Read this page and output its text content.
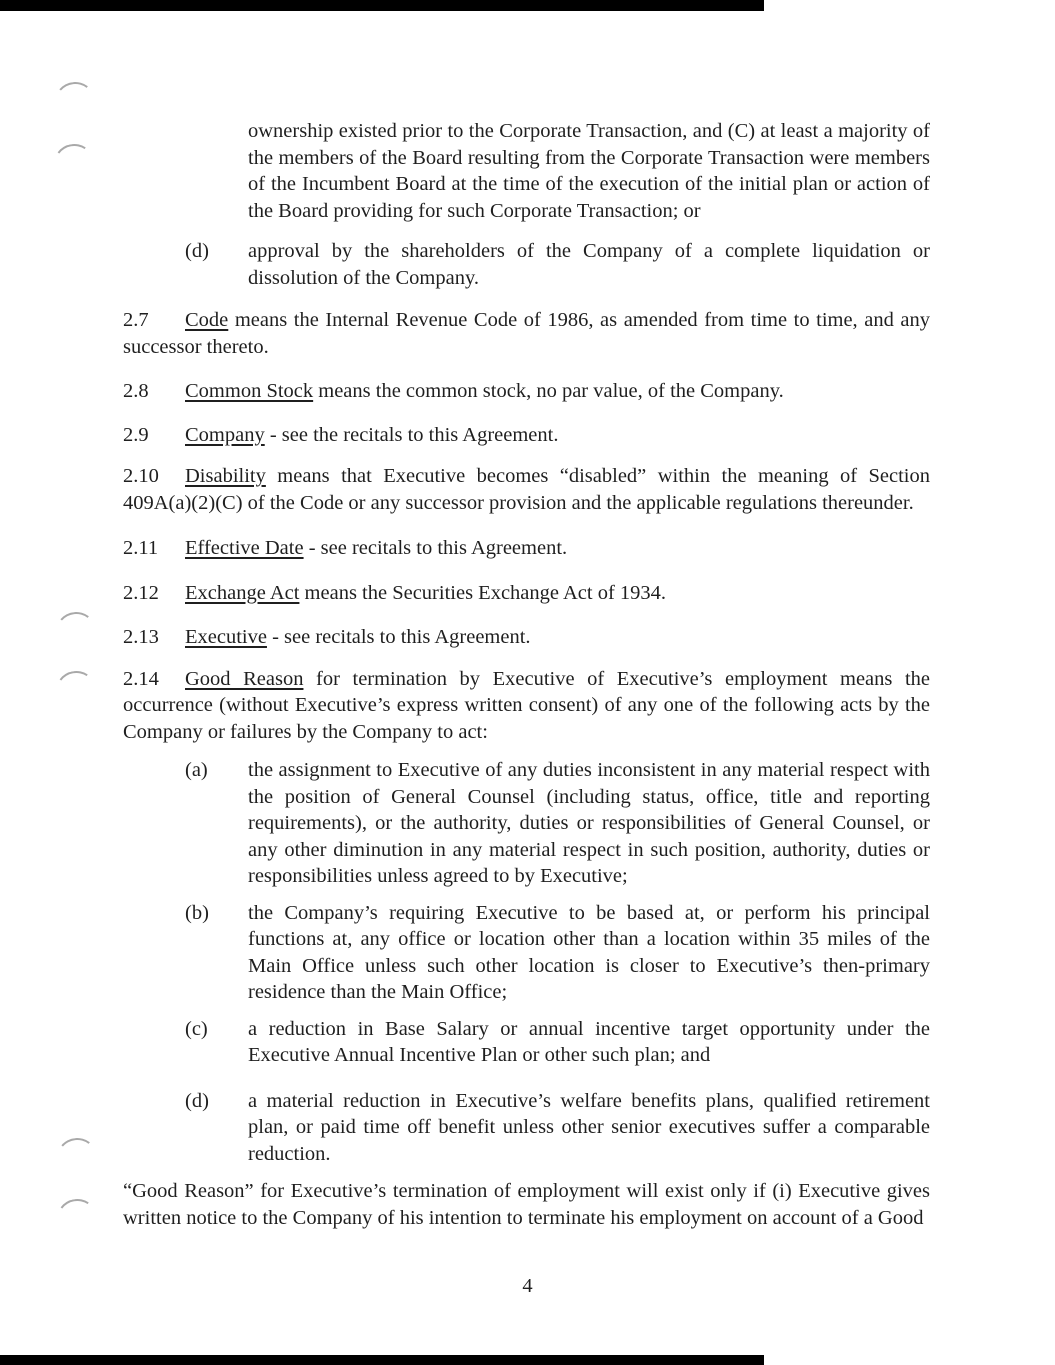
ownership existed prior to the Corporate Transaction, and (C) at least a majority of the members of the Board resulting from the Corporate Transaction were members of the Incumbent Board at the time of the execution of the initial plan or action of the Board providing for such Corporate Transaction; or

(d) approval by the shareholders of the Company of a complete liquidation or dissolution of the Company.

2.7 Code means the Internal Revenue Code of 1986, as amended from time to time, and any successor thereto.

2.8 Common Stock means the common stock, no par value, of the Company.

2.9 Company - see the recitals to this Agreement.

2.10 Disability means that Executive becomes “disabled” within the meaning of Section 409A(a)(2)(C) of the Code or any successor provision and the applicable regulations thereunder.

2.11 Effective Date - see recitals to this Agreement.

2.12 Exchange Act means the Securities Exchange Act of 1934.

2.13 Executive - see recitals to this Agreement.

2.14 Good Reason for termination by Executive of Executive’s employment means the occurrence (without Executive’s express written consent) of any one of the following acts by the Company or failures by the Company to act:

(a) the assignment to Executive of any duties inconsistent in any material respect with the position of General Counsel (including status, office, title and reporting requirements), or the authority, duties or responsibilities of General Counsel, or any other diminution in any material respect in such position, authority, duties or responsibilities unless agreed to by Executive;

(b) the Company’s requiring Executive to be based at, or perform his principal functions at, any office or location other than a location within 35 miles of the Main Office unless such other location is closer to Executive’s then-primary residence than the Main Office;

(c) a reduction in Base Salary or annual incentive target opportunity under the Executive Annual Incentive Plan or other such plan; and

(d) a material reduction in Executive’s welfare benefits plans, qualified retirement plan, or paid time off benefit unless other senior executives suffer a comparable reduction.

“Good Reason” for Executive’s termination of employment will exist only if (i) Executive gives written notice to the Company of his intention to terminate his employment on account of a Good

4
